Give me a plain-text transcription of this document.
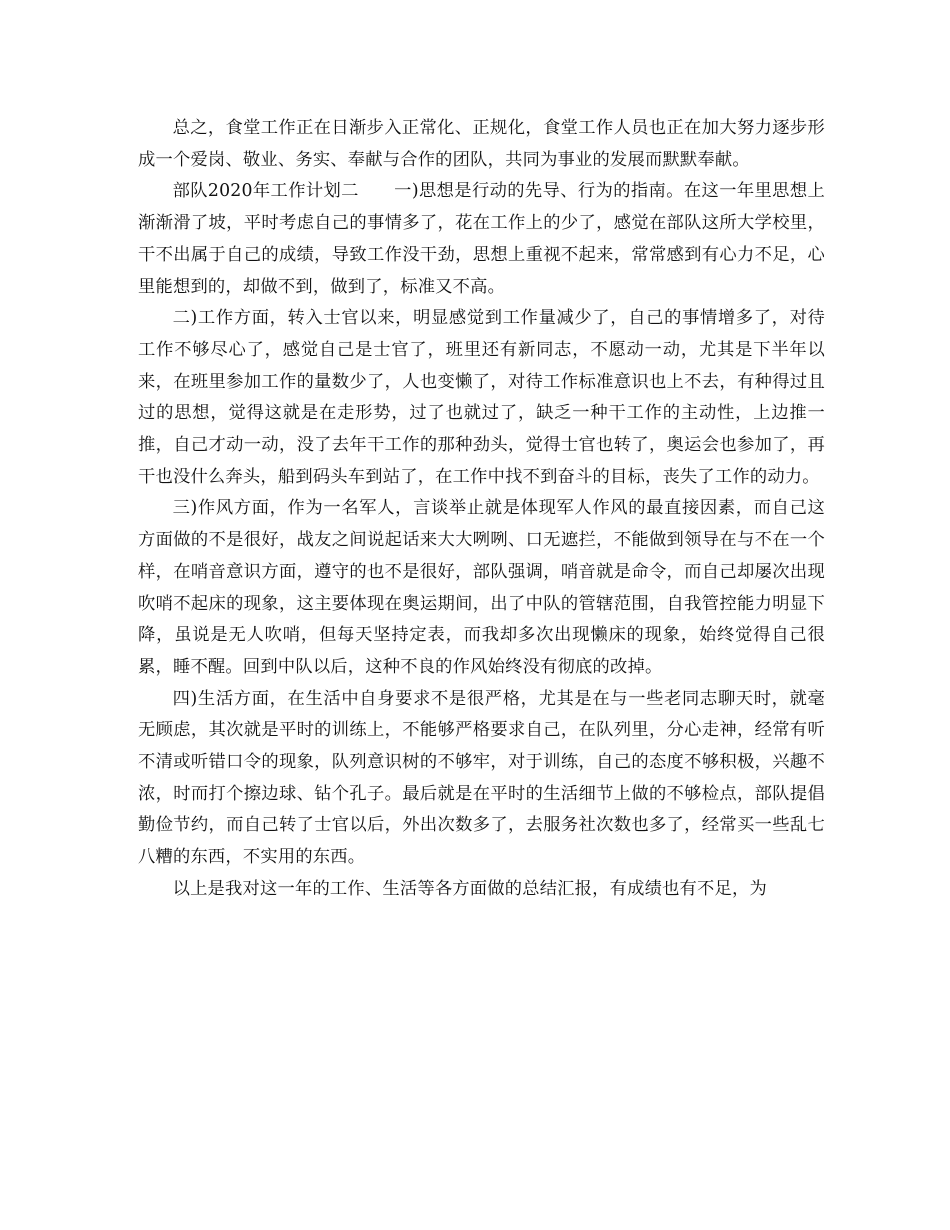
总之，食堂工作正在日渐步入正常化、正规化，食堂工作人员也正在加大努力逐步形成一个爱岗、敬业、务实、奉献与合作的团队，共同为事业的发展而默默奉献。

部队2020年工作计划二　　一)思想是行动的先导、行为的指南。在这一年里思想上渐渐滑了坡，平时考虑自己的事情多了，花在工作上的少了，感觉在部队这所大学校里，干不出属于自己的成绩，导致工作没干劲，思想上重视不起来，常常感到有心力不足，心里能想到的，却做不到，做到了，标准又不高。

二)工作方面，转入士官以来，明显感觉到工作量减少了，自己的事情增多了，对待工作不够尽心了，感觉自己是士官了，班里还有新同志，不愿动一动，尤其是下半年以来，在班里参加工作的量数少了，人也变懒了，对待工作标准意识也上不去，有种得过且过的思想，觉得这就是在走形势，过了也就过了，缺乏一种干工作的主动性，上边推一推，自己才动一动，没了去年干工作的那种劲头，觉得士官也转了，奥运会也参加了，再干也没什么奔头，船到码头车到站了，在工作中找不到奋斗的目标，丧失了工作的动力。

三)作风方面，作为一名军人，言谈举止就是体现军人作风的最直接因素，而自己这方面做的不是很好，战友之间说起话来大大咧咧、口无遮拦，不能做到领导在与不在一个样，在哨音意识方面，遵守的也不是很好，部队强调，哨音就是命令，而自己却屡次出现吹哨不起床的现象，这主要体现在奥运期间，出了中队的管辖范围，自我管控能力明显下降，虽说是无人吹哨，但每天坚持定表，而我却多次出现懒床的现象，始终觉得自己很累，睡不醒。回到中队以后，这种不良的作风始终没有彻底的改掉。

四)生活方面，在生活中自身要求不是很严格，尤其是在与一些老同志聊天时，就毫无顾虑，其次就是平时的训练上，不能够严格要求自己，在队列里，分心走神，经常有听不清或听错口令的现象，队列意识树的不够牢，对于训练，自己的态度不够积极，兴趣不浓，时而打个擦边球、钻个孔子。最后就是在平时的生活细节上做的不够检点，部队提倡勤俭节约，而自己转了士官以后，外出次数多了，去服务社次数也多了，经常买一些乱七八糟的东西，不实用的东西。

以上是我对这一年的工作、生活等各方面做的总结汇报，有成绩也有不足，为
